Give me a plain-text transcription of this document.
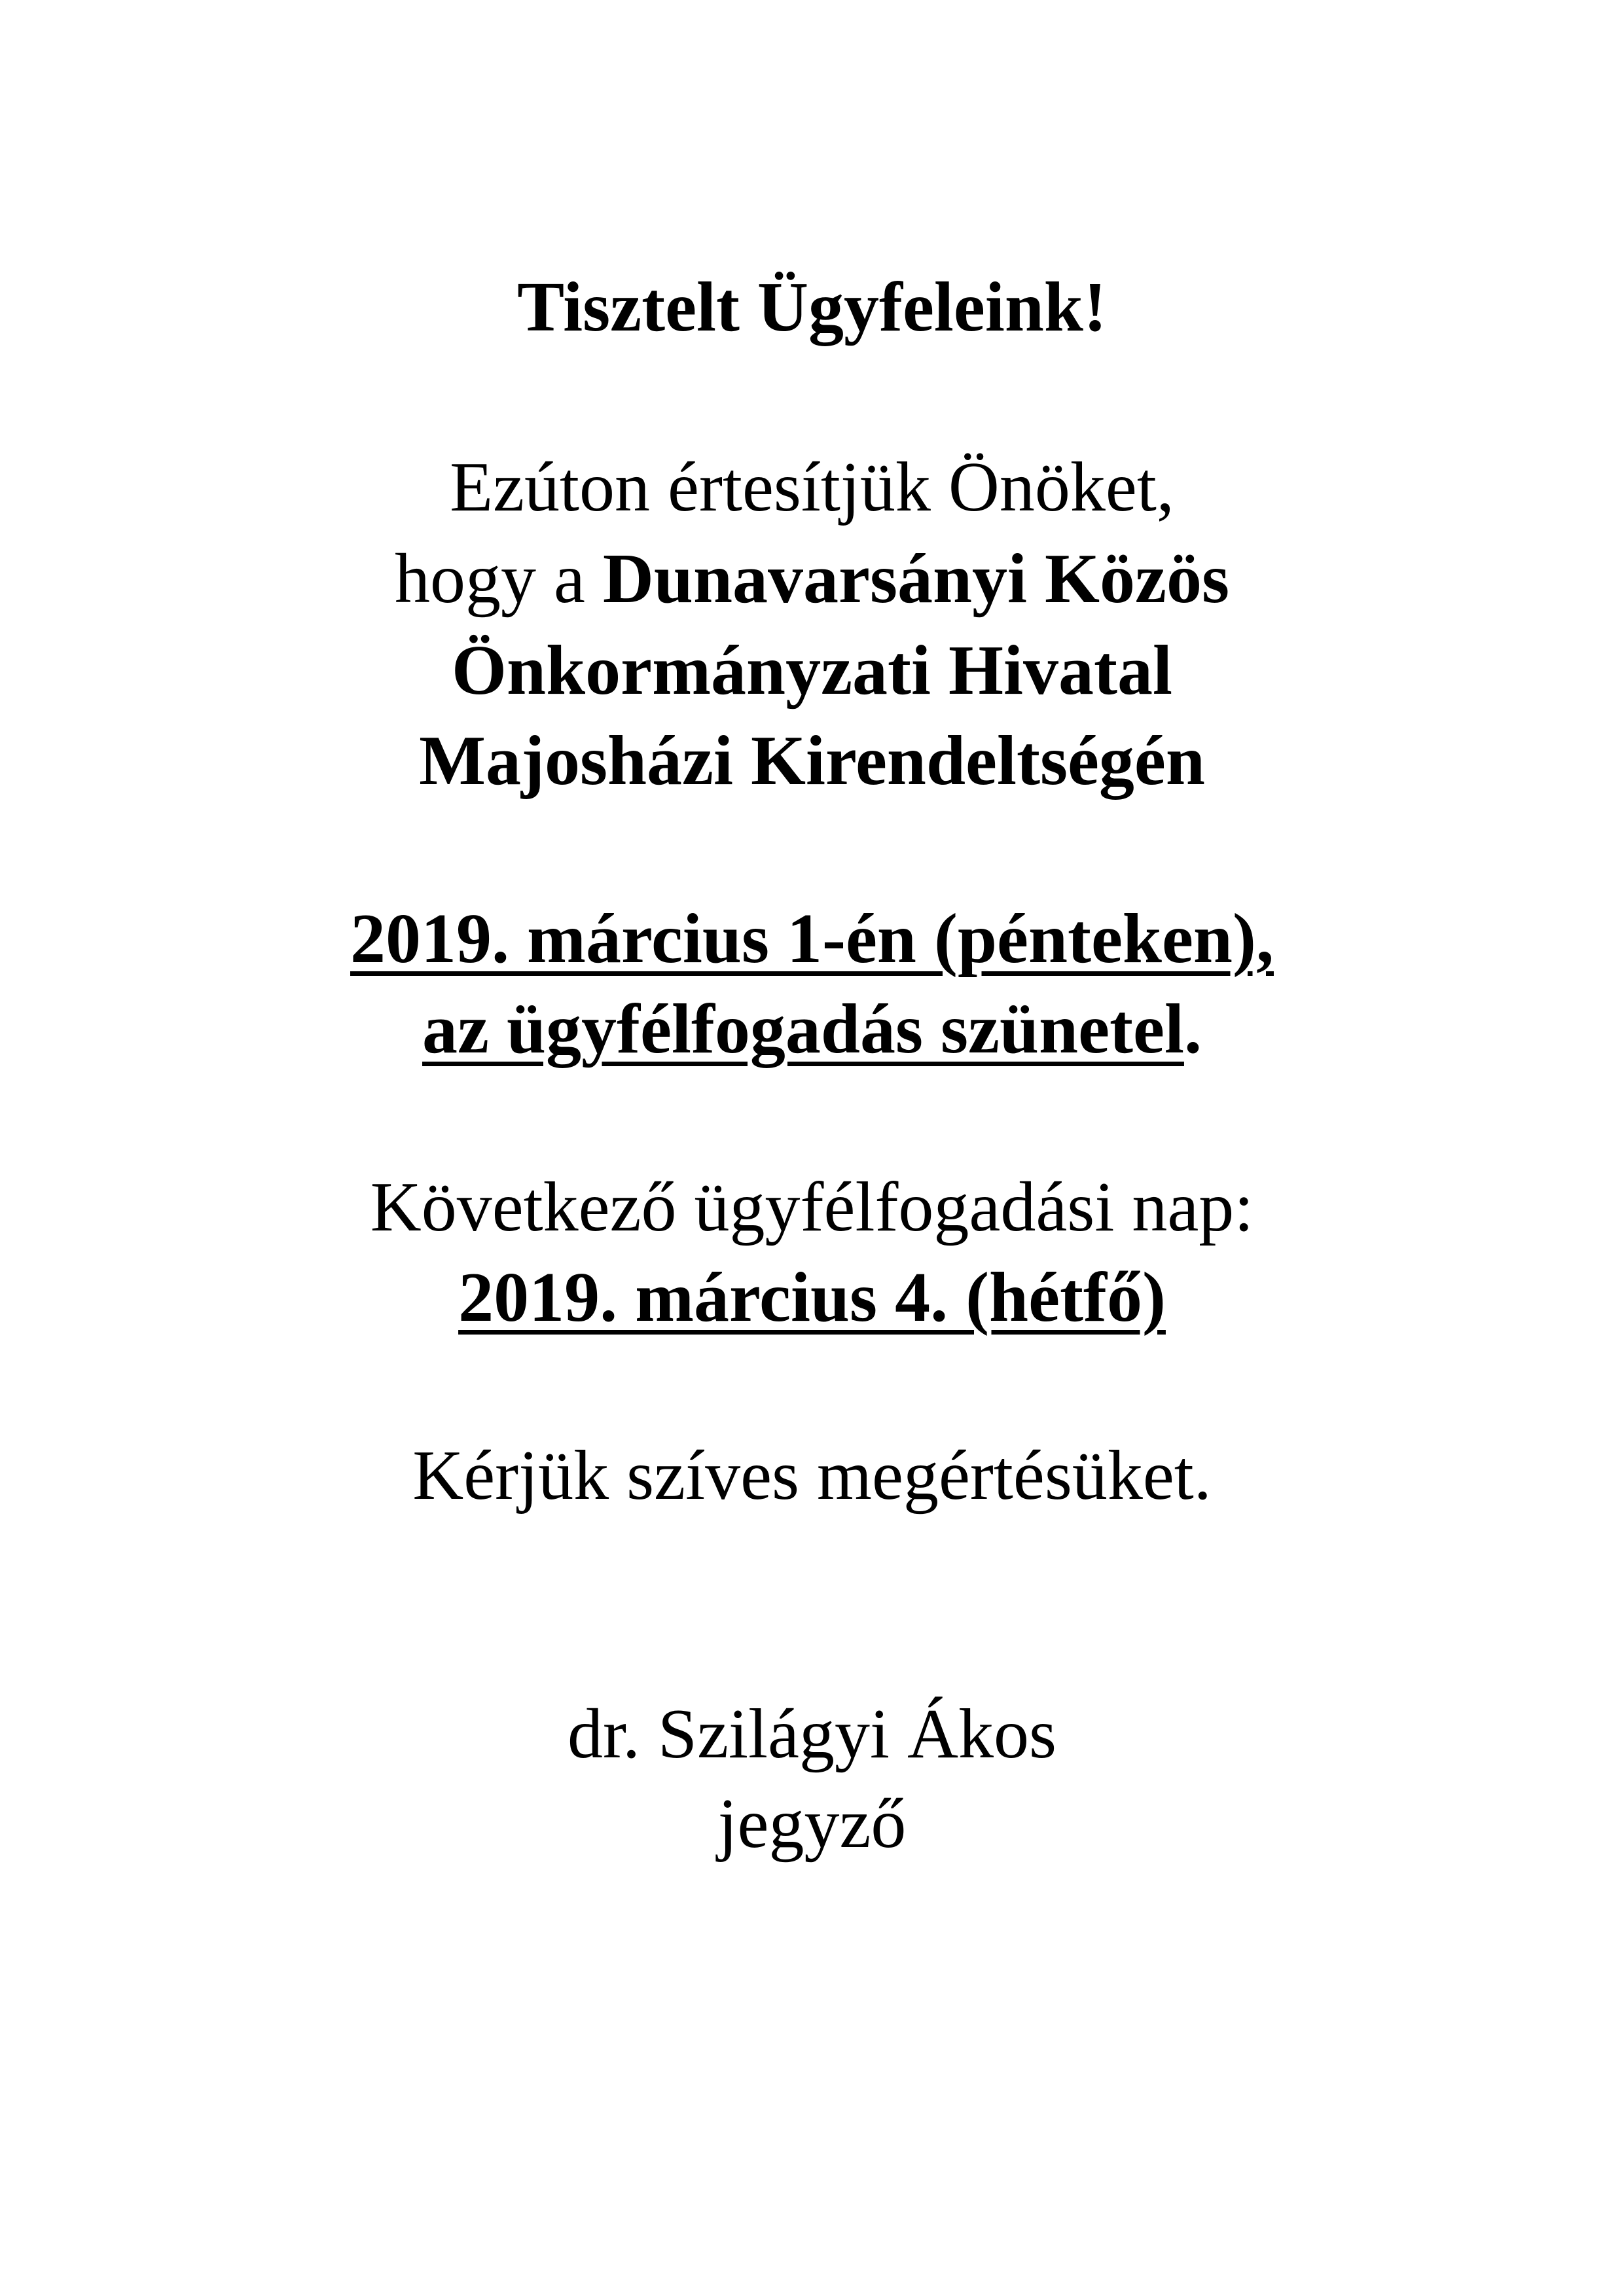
Tisztelt Ügyfeleink!
Ezúton értesítjük Önöket,
hogy a Dunavarsányi Közös
Önkormányzati Hivatal
Majosházi Kirendeltségén
2019. március 1-én (pénteken),
az ügyfélfogadás szünetel.
Következő ügyfélfogadási nap:
2019. március 4. (hétfő)
Kérjük szíves megértésüket.
dr. Szilágyi Ákos
jegyző
